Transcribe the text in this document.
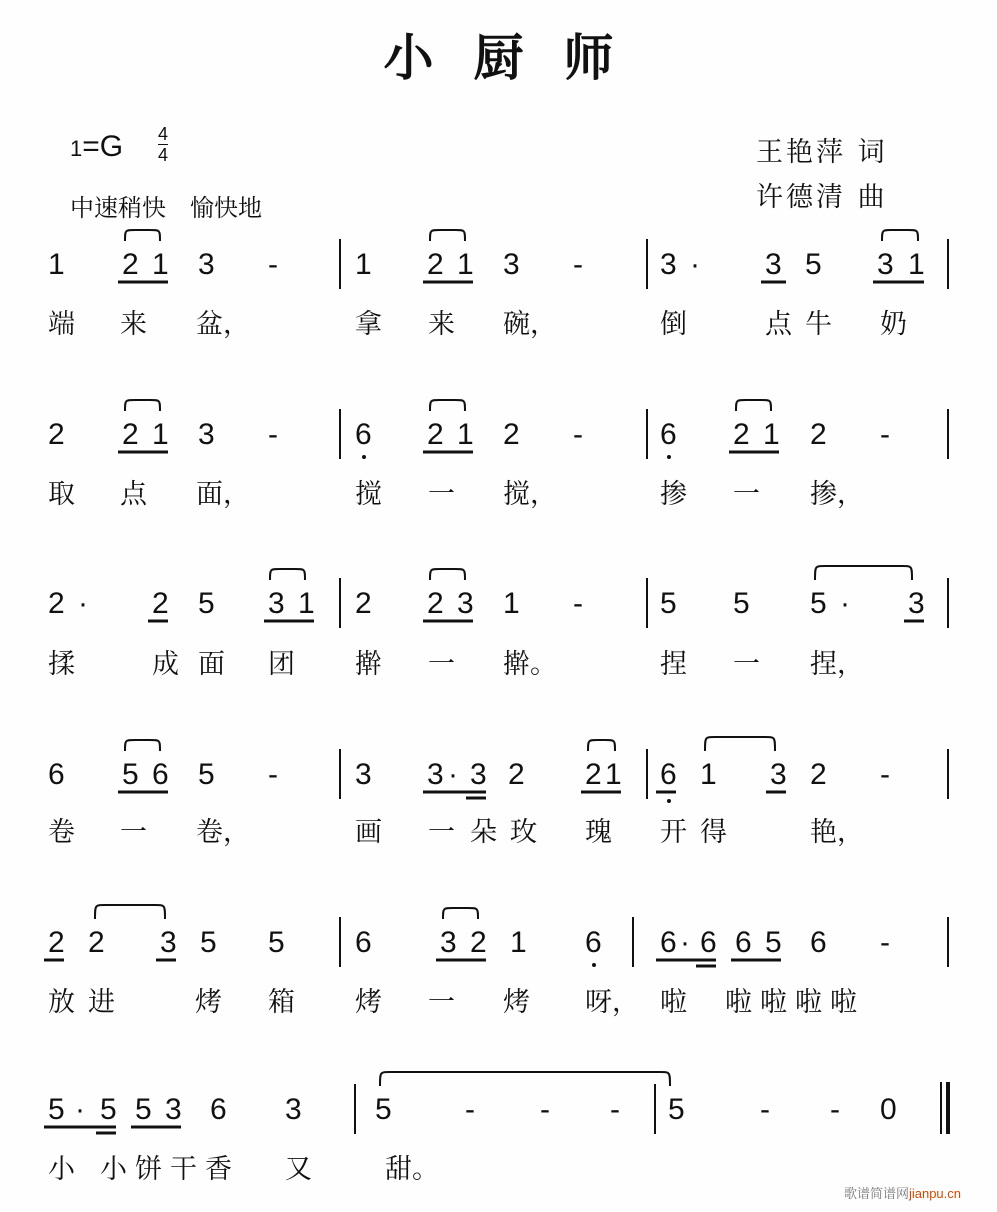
小厨师
$1=G \frac{4}{4}$
中速稍快　愉快地
王艳萍 词
许德清 曲
歌谱简谱网jianpu.cn
1 2 1 3 -	1 2 1 3 -	3 · 3 5 3 1
端 来 盆，	拿 来 碗，	倒	点 牛 奶
2 2 1 3 -	6 2 1 2 -	6 2 1 2 -
取 点 面，	搅 一 搅，	掺 一 掺，
2 · 2 5 3 1 2 2 3 1 -	5 5 5 · 3
揉	成 面 团 擀 一 擀。	捏 一 捏，
6 5 6 5 -	3 3 · 3 2 2 1 6 1 3 2 -
卷 一 卷，	画 一 朵 玫 瑰 开 得	艳，
2 2 3 5 5 6 3 2 1 6 6 · 6 6 5 6 -
放 进	烤 箱 烤 一 烤 呀， 啦 啦 啦 啦 啦
5 · 5 5 3 6 3 5 - - - 5	- - 0
小 小 饼 干 香 又	甜。
